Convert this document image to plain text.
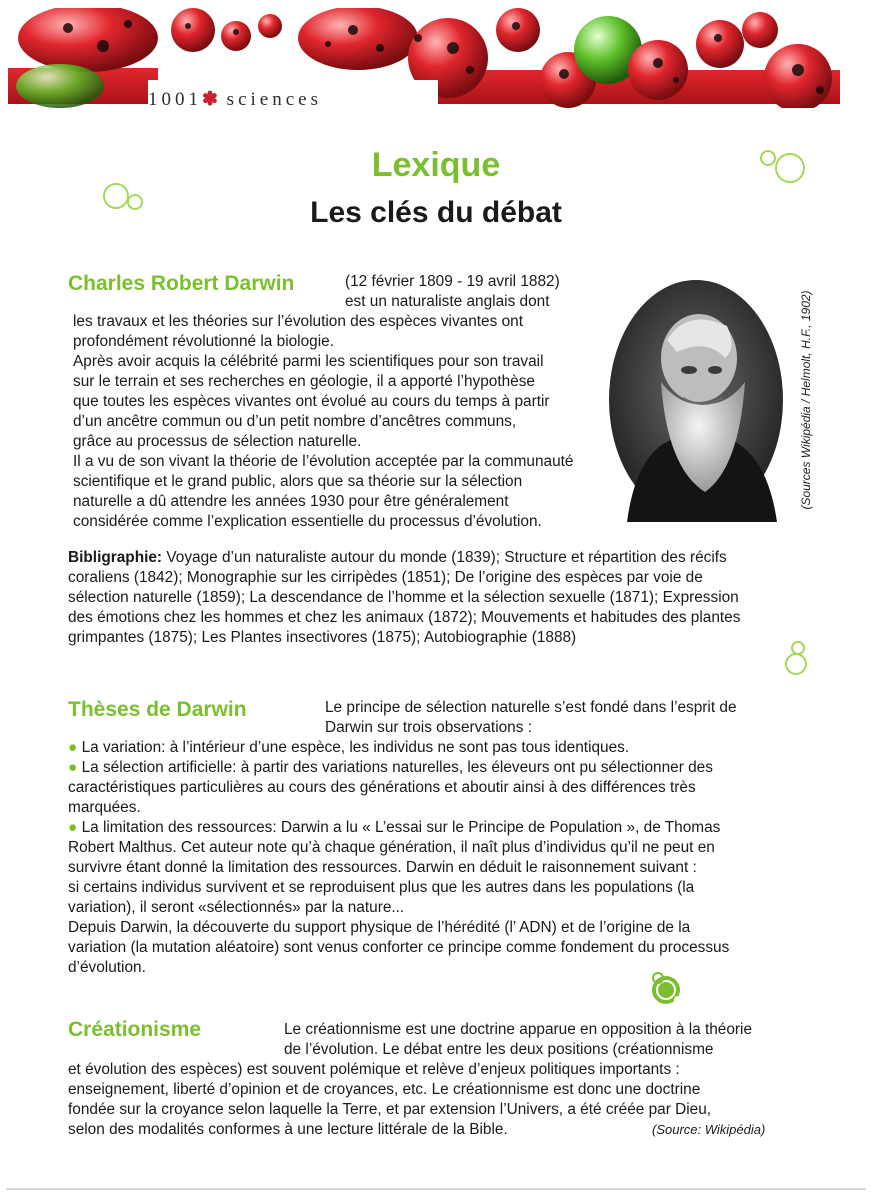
1001✽ sciences
Lexique
Les clés du débat
Charles Robert Darwin	(12 février 1809 - 19 avril 1882)
est un naturaliste anglais dont

les travaux et les théories sur l’évolution des espèces vivantes ont

profondément révolutionné la biologie.

Après avoir acquis la célébrité parmi les scientifiques pour son travail

sur le terrain et ses recherches en géologie, il a apporté l’hypothèse

que toutes les espèces vivantes ont évolué au cours du temps à partir

d’un ancêtre commun ou d’un petit nombre d’ancêtres communs,

grâce au processus de sélection naturelle.

Il a vu de son vivant la théorie de l’évolution acceptée par la communauté

scientifique et le grand public, alors que sa théorie sur la sélection

naturelle a dû attendre les années 1930 pour être généralement

considérée comme l’explication essentielle du processus d’évolution.

(Sources Wikipédia / Helmolt, H.F., 1902)

Bibligraphie: Voyage d’un naturaliste autour du monde (1839); Structure et répartition des récifs

coraliens (1842); Monographie sur les cirripèdes (1851); De l’origine des espèces par voie de

sélection naturelle (1859); La descendance de l’homme et la sélection sexuelle (1871); Expression

des émotions chez les hommes et chez les animaux (1872); Mouvements et habitudes des plantes

grimpantes (1875); Les Plantes insectivores (1875); Autobiographie (1888)

Thèses de Darwin	Le principe de sélection naturelle s’est fondé dans l’esprit de
Darwin sur trois observations :

● La variation: à l’intérieur d’une espèce, les individus ne sont pas tous identiques.

● La sélection artificielle: à partir des variations naturelles, les éleveurs ont pu sélectionner des

caractéristiques particulières au cours des générations et aboutir ainsi à des différences très

marquées.

● La limitation des ressources: Darwin a lu « L’essai sur le Principe de Population », de Thomas

Robert Malthus. Cet auteur note qu’à chaque génération, il naît plus d’individus qu’il ne peut en

survivre étant donné la limitation des ressources. Darwin en déduit le raisonnement suivant :

si certains individus survivent et se reproduisent plus que les autres dans les populations (la

variation), il seront «sélectionnés» par la nature...

Depuis Darwin, la découverte du support physique de l’hérédité (l’ ADN) et de l’origine de la

variation (la mutation aléatoire) sont venus conforter ce principe comme fondement du processus

d’évolution.

Créationisme	Le créationnisme est une doctrine apparue en opposition à la théorie
de l’évolution. Le débat entre les deux positions (créationnisme

et évolution des espèces) est souvent polémique et relève d’enjeux politiques importants :

enseignement, liberté d’opinion et de croyances, etc. Le créationnisme est donc une doctrine

fondée sur la croyance selon laquelle la Terre, et par extension l’Univers, a été créée par Dieu,

selon des modalités conformes à une lecture littérale de la Bible.	(Source: Wikipédia)
